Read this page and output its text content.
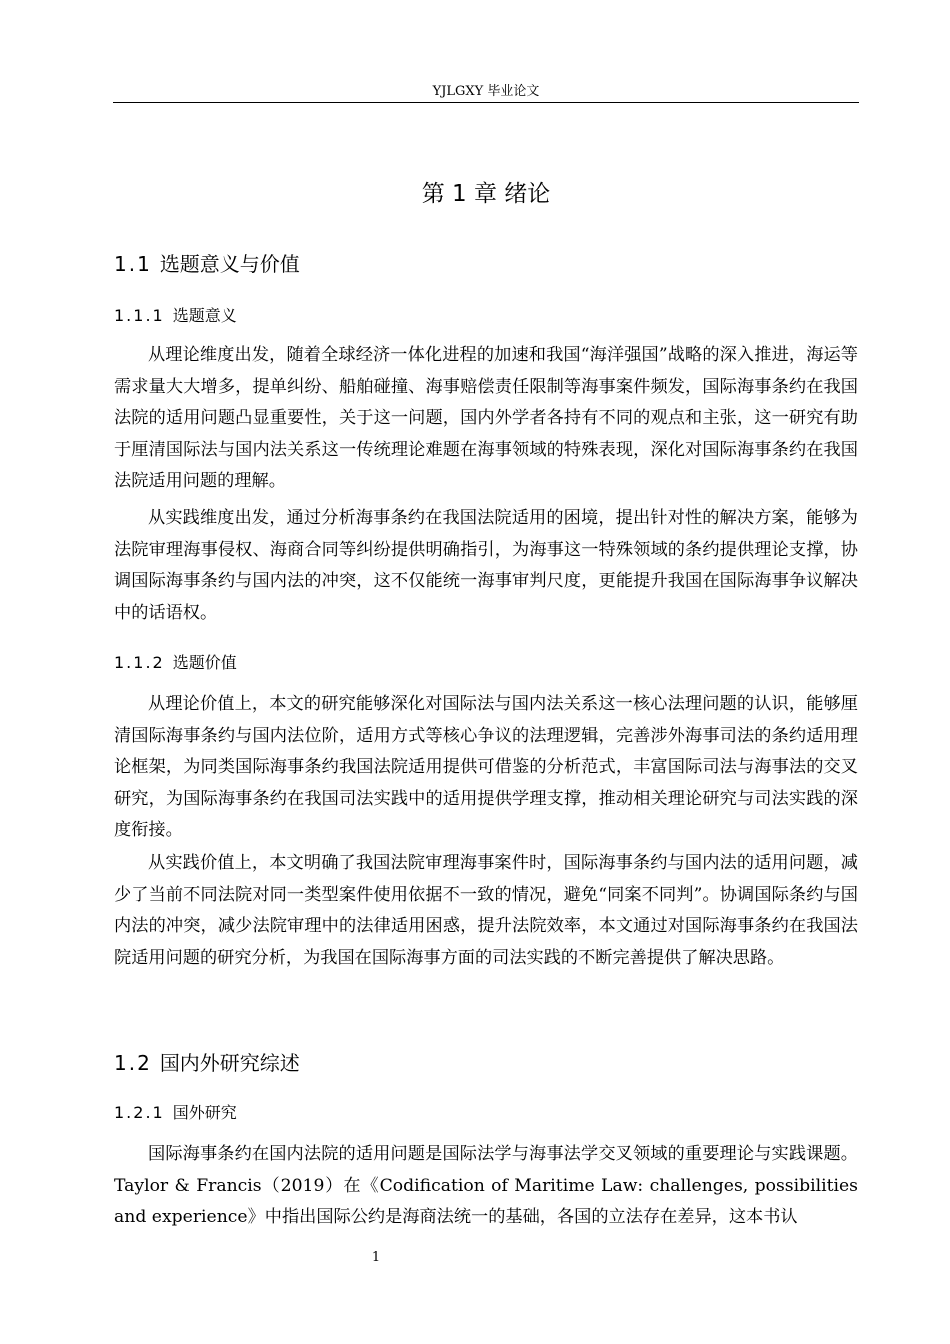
YJLGXY 毕业论文
第 1 章 绪论
1.1 选题意义与价值
1.1.1 选题意义

从理论维度出发，随着全球经济一体化进程的加速和我国“海洋强国”战略的深入推进，海运等需求量大大增多，提单纠纷、船舶碰撞、海事赔偿责任限制等海事案件频发，国际海事条约在我国法院的适用问题凸显重要性，关于这一问题，国内外学者各持有不同的观点和主张，这一研究有助于厘清国际法与国内法关系这一传统理论难题在海事领域的特殊表现，深化对国际海事条约在我国法院适用问题的理解。

从实践维度出发，通过分析海事条约在我国法院适用的困境，提出针对性的解决方案，能够为法院审理海事侵权、海商合同等纠纷提供明确指引，为海事这一特殊领域的条约提供理论支撑，协调国际海事条约与国内法的冲突，这不仅能统一海事审判尺度，更能提升我国在国际海事争议解决中的话语权。

1.1.2 选题价值

从理论价值上，本文的研究能够深化对国际法与国内法关系这一核心法理问题的认识，能够厘清国际海事条约与国内法位阶，适用方式等核心争议的法理逻辑，完善涉外海事司法的条约适用理论框架，为同类国际海事条约我国法院适用提供可借鉴的分析范式，丰富国际司法与海事法的交叉研究，为国际海事条约在我国司法实践中的适用提供学理支撑，推动相关理论研究与司法实践的深度衔接。

从实践价值上，本文明确了我国法院审理海事案件时，国际海事条约与国内法的适用问题，减少了当前不同法院对同一类型案件使用依据不一致的情况，避免“同案不同判”。协调国际条约与国内法的冲突，减少法院审理中的法律适用困惑，提升法院效率，本文通过对国际海事条约在我国法院适用问题的研究分析，为我国在国际海事方面的司法实践的不断完善提供了解决思路。

1.2 国内外研究综述
1.2.1 国外研究

国际海事条约在国内法院的适用问题是国际法学与海事法学交叉领域的重要理论与实践课题。Taylor & Francis（2019）在《Codification of Maritime Law: challenges, possibilities and experience》中指出国际公约是海商法统一的基础，各国的立法存在差异，这本书认

1
